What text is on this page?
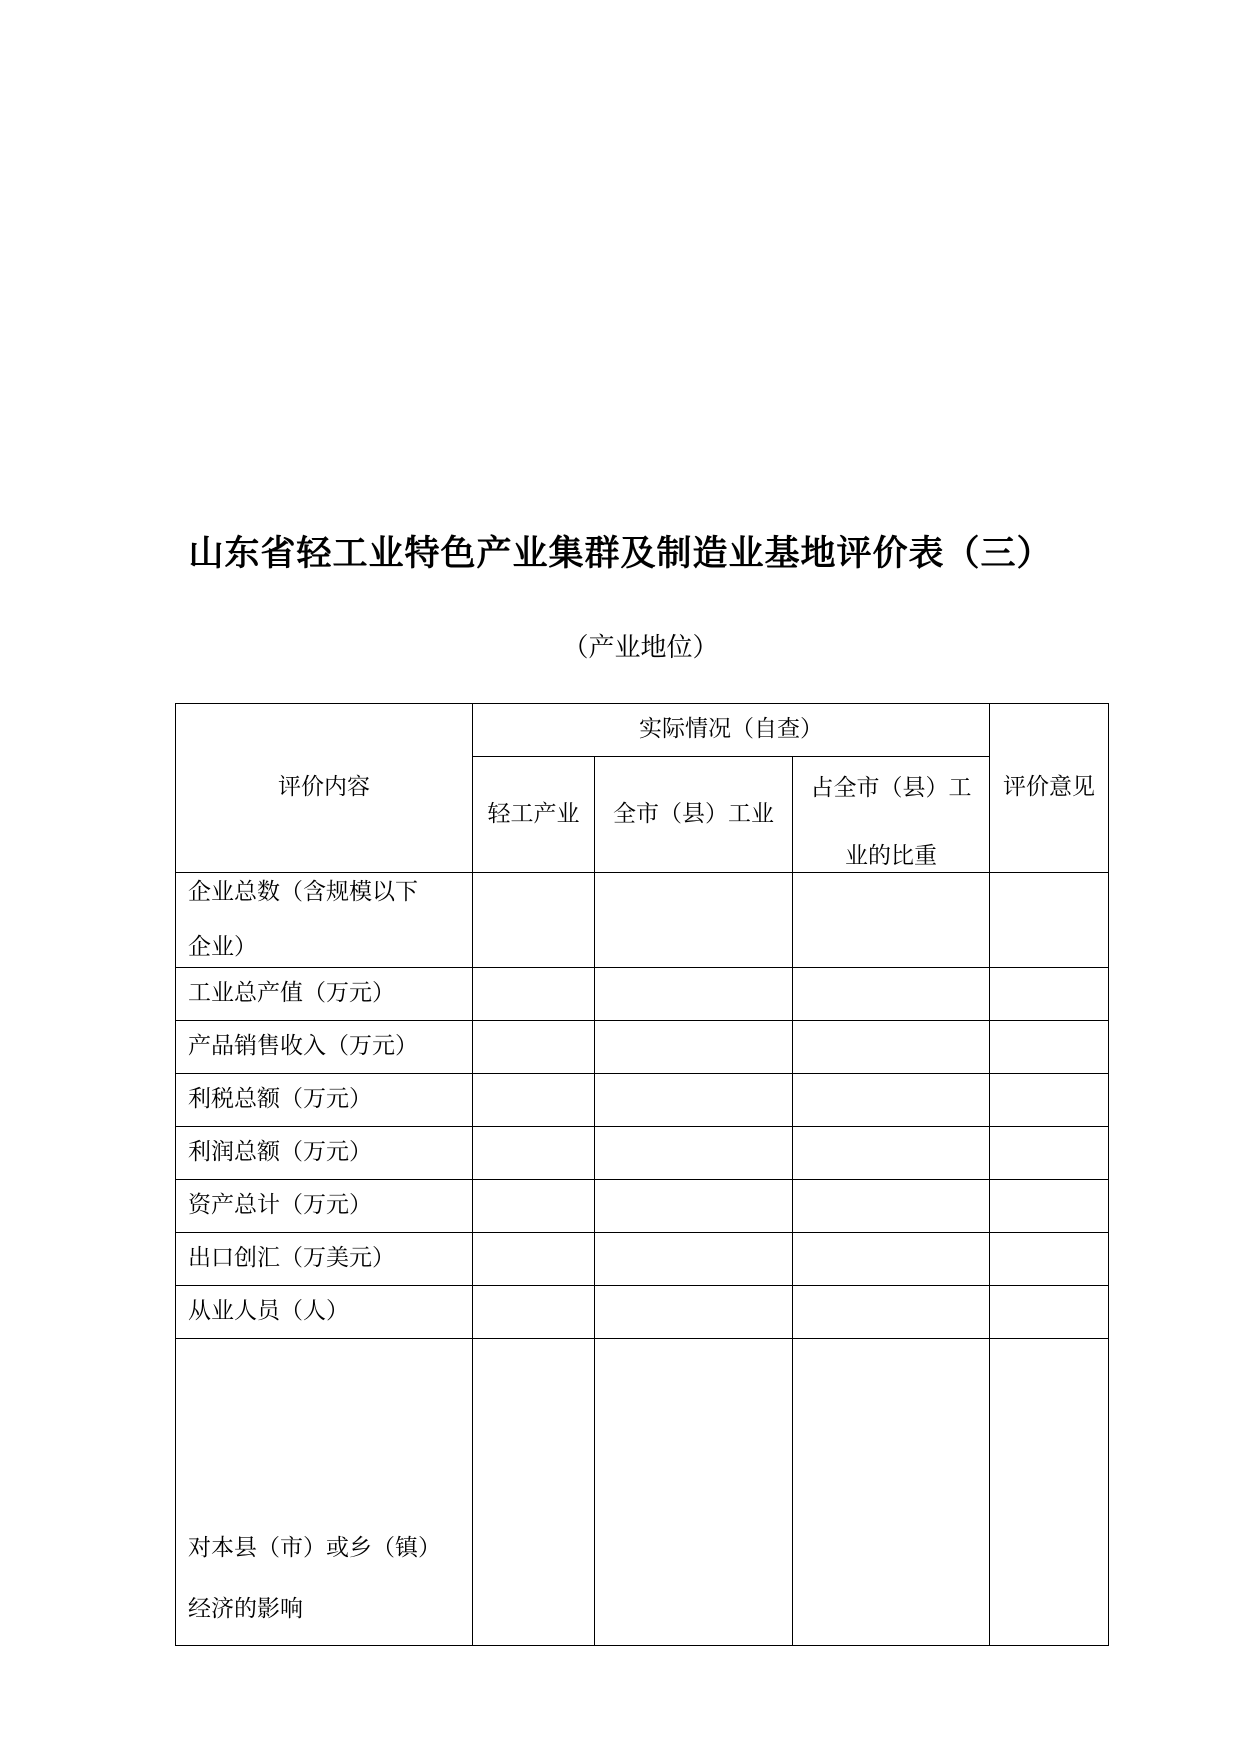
山东省轻工业特色产业集群及制造业基地评价表（三）
（产业地位）
评价内容	实际情况（自查）			评价意见
	轻工产业	全市（县）工业	占全市（县）工
业的比重	

企业总数（含规模以下
企业）				

工业总产值（万元）				
产品销售收入（万元）				
利税总额（万元）				
利润总额（万元）				
资产总计（万元）				
出口创汇（万美元）				
从业人员（人）				

对本县（市）或乡（镇）
经济的影响				
